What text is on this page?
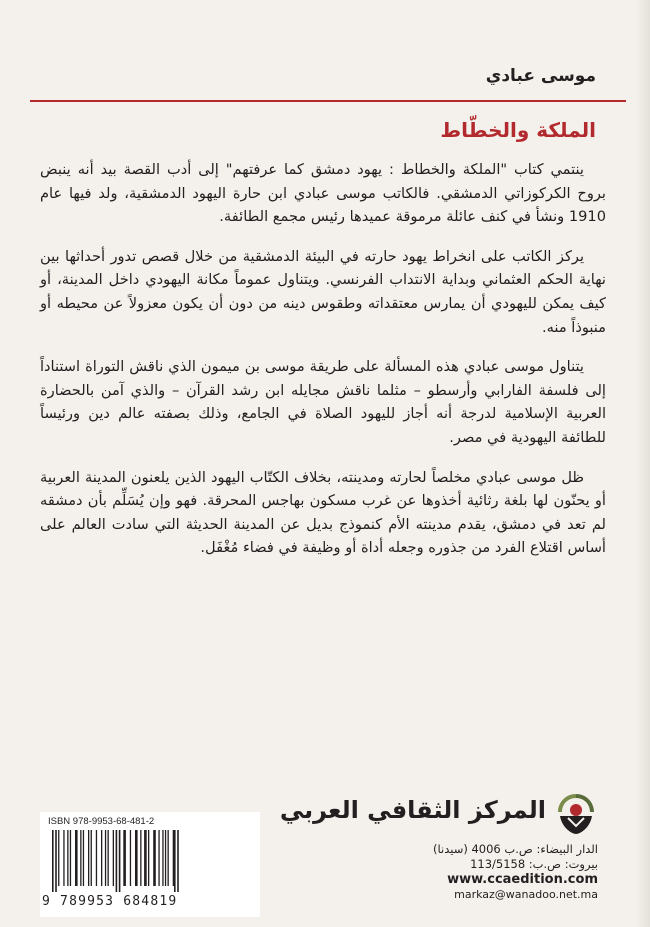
موسى عبادي
الملكة والخطّاط

ينتمي كتاب "الملكة والخطاط : يهود دمشق كما عرفتهم" إلى أدب القصة بيد أنه ينبض بروح الكركوزاتي الدمشقي. فالكاتب موسى عبادي ابن حارة اليهود الدمشقية، ولد فيها عام 1910 ونشأ في كنف عائلة مرموقة عميدها رئيس مجمع الطائفة.

يركز الكاتب على انخراط يهود حارته في البيئة الدمشقية من خلال قصص تدور أحداثها بين نهاية الحكم العثماني وبداية الانتداب الفرنسي. ويتناول عموماً مكانة اليهودي داخل المدينة، أو كيف يمكن لليهودي أن يمارس معتقداته وطقوس دينه من دون أن يكون معزولاً عن محيطه أو منبوذاً منه.

يتناول موسى عبادي هذه المسألة على طريقة موسى بن ميمون الذي ناقش التوراة استناداً إلى فلسفة الفارابي وأرسطو – مثلما ناقش مجايله ابن رشد القرآن – والذي آمن بالحضارة العربية الإسلامية لدرجة أنه أجاز لليهود الصلاة في الجامع، وذلك بصفته عالم دين ورئيساً للطائفة اليهودية في مصر.

ظل موسى عبادي مخلصاً لحارته ومدينته، بخلاف الكتّاب اليهود الذين يلعنون المدينة العربية أو يحنّون لها بلغة رثائية أخذوها عن غرب مسكون بهاجس المحرقة. فهو وإن يُسَلِّم بأن دمشقه لم تعد في دمشق، يقدم مدينته الأم كنموذج بديل عن المدينة الحديثة التي سادت العالم على أساس اقتلاع الفرد من جذوره وجعله أداة أو وظيفة في فضاء مُغْفَل.

المركز الثقافي العربي
الدار البيضاء: ص.ب 4006 (سيدنا)
بيروت: ص.ب: 113/5158
www.ccaedition.com
markaz@wanadoo.net.ma
ISBN 978-9953-68-481-2
9 789953 684819
